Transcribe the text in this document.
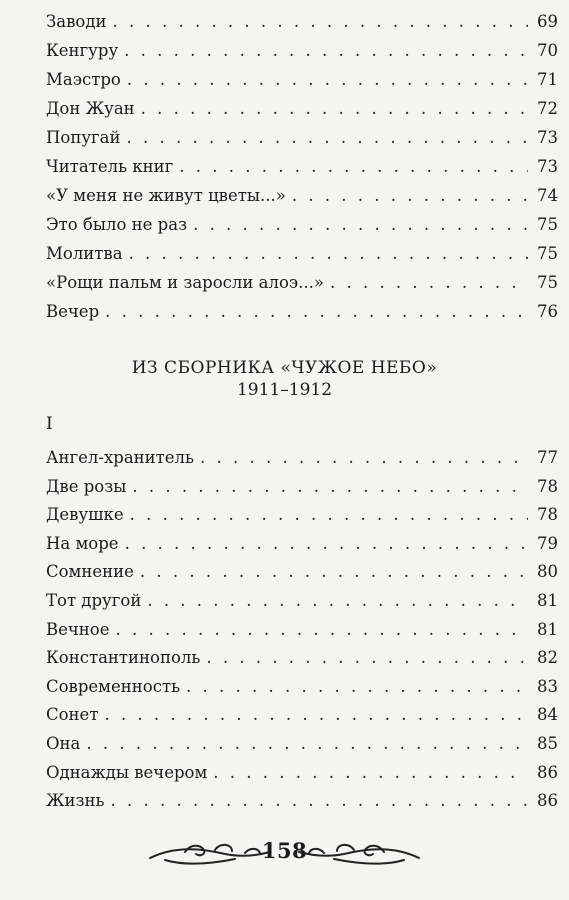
Заводи . . .	69
Кенгуру . . .	70
Маэстро . . .	71
Дон Жуан . . .	72
Попугай . . .	73
Читатель книг . . .	73
«У меня не живут цветы...» . . .	74
Это было не раз . . .	75
Молитва . . .	75
«Рощи пальм и заросли алоэ...» . . .	75
Вечер . . .	76
ИЗ СБОРНИКА «ЧУЖОЕ НЕБО»
1911–1912
I
Ангел-хранитель . . .	77
Две розы . . .	78
Девушке . . .	78
На море . . .	79
Сомнение . . .	80
Тот другой . . .	81
Вечное . . .	81
Константинополь . . .	82
Современность . . .	83
Сонет . . .	84
Она . . .	85
Однажды вечером . . .	86
Жизнь . . .	86
158
